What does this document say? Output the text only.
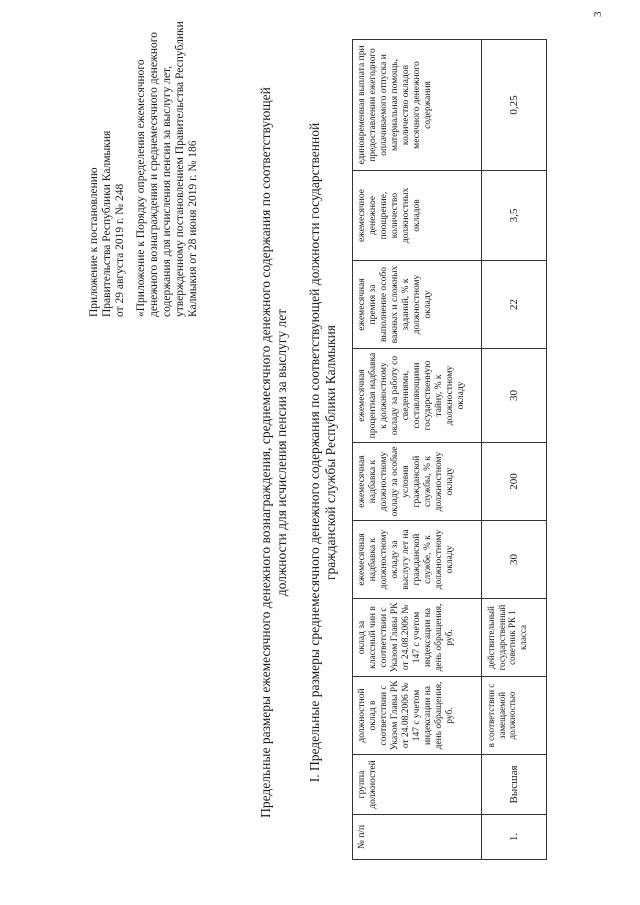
Приложение к постановлению
Правительства Республики Калмыкия
от 29 августа 2019 г. № 248 «Приложение к Порядку определения ежемесячного денежного вознаграждения и среднемесячного денежного содержания для исчисления пенсии за выслугу лет, утвержденному постановлением Правительства Республики Калмыкия от 28 июня 2019 г. № 186	Предельные размеры ежемесячного денежного вознаграждения, среднемесячного денежного содержания по соответствующей должности для исчисления пенсии за выслугу лет I. Предельные размеры среднемесячного денежного содержания по соответствующей должности государственной гражданской службы Республики Калмыкия
№ п/п	группа должностей	должностной оклад в соответствии с Указом Главы РК от 24.08.2006 № 147 с учетом индексации на день обращения, руб.	оклад за классный чин в соответствии с Указом Главы РК от 24.08.2006 № 147 с учетом индексации на день обращения, руб.	ежемесячная надбавка к должностному окладу за выслугу лет на гражданской службе, % к должностному окладу	ежемесячная надбавка к должностному окладу за особые условия гражданской службы, % к должностному окладу	ежемесячная процентная надбавка к должностному окладу за работу со сведениями, составляющими государственную тайну, % к должностному окладу	ежемесячная премия за выполнение особо важных и сложных заданий, % к должностному окладу	ежемесячное денежное поощрение, количество должностных окладов	единовременная выплата при предоставлении ежегодного оплачиваемого отпуска и материальная помощь, количество окладов месячного денежного содержания
1.	Высшая	в соответствии с замещаемой должностью	действительный государственный советник РК 1 класса	30	200	30	22	3,5	0,25
3
